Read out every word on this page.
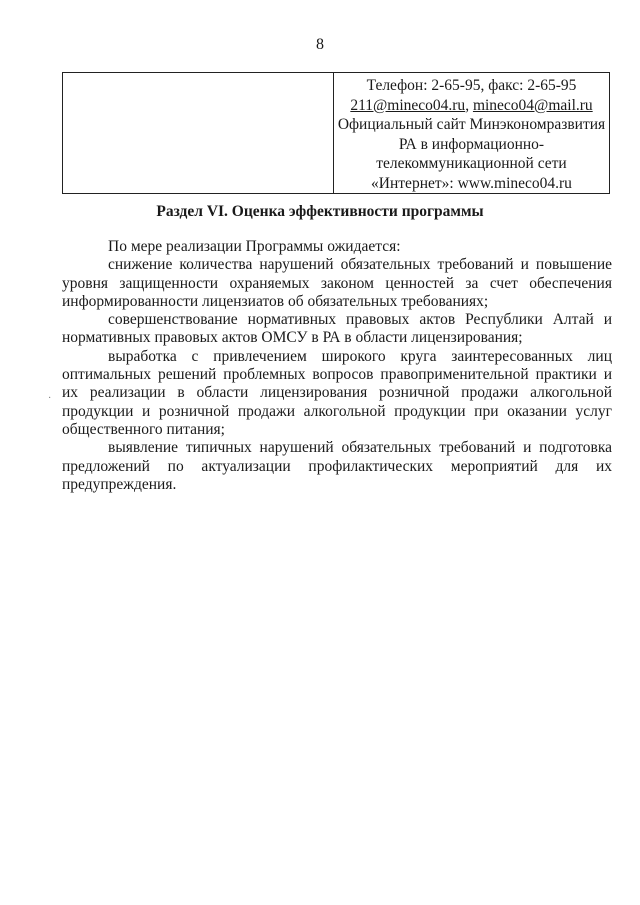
8

Телефон: 2-65-95, факс: 2-65-95
211@mineco04.ru, mineco04@mail.ru
Официальный сайт Минэкономразвития
РА в информационно-
телекоммуникационной сети
«Интернет»: www.mineco04.ru
Раздел VI. Оценка эффективности программы
·

По мере реализации Программы ожидается:

снижение количества нарушений обязательных требований и повышение уровня защищенности охраняемых законом ценностей за счет обеспечения информированности лицензиатов об обязательных требованиях;

совершенствование нормативных правовых актов Республики Алтай и нормативных правовых актов ОМСУ в РА в области лицензирования;

выработка с привлечением широкого круга заинтересованных лиц оптимальных решений проблемных вопросов правоприменительной практики и их реализации в области лицензирования розничной продажи алкогольной продукции и розничной продажи алкогольной продукции при оказании услуг общественного питания;

выявление типичных нарушений обязательных требований и подготовка предложений по актуализации профилактических мероприятий для их предупреждения.
